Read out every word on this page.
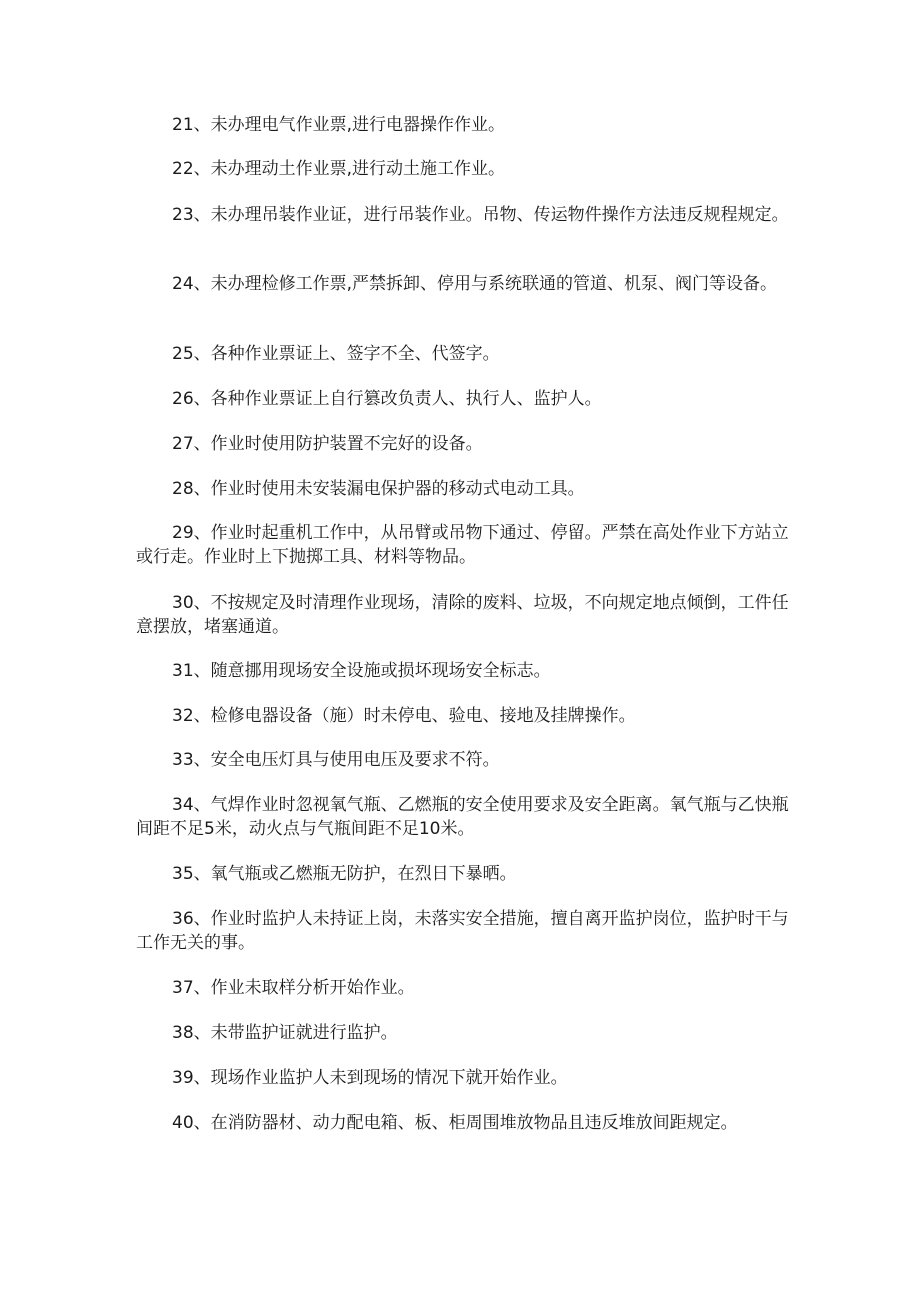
21、未办理电气作业票,进行电器操作作业。

22、未办理动土作业票,进行动土施工作业。

23、未办理吊装作业证，进行吊装作业。吊物、传运物件操作方法违反规程规定。

24、未办理检修工作票,严禁拆卸、停用与系统联通的管道、机泵、阀门等设备。

25、各种作业票证上、签字不全、代签字。

26、各种作业票证上自行篡改负责人、执行人、监护人。

27、作业时使用防护装置不完好的设备。

28、作业时使用未安装漏电保护器的移动式电动工具。

29、作业时起重机工作中，从吊臂或吊物下通过、停留。严禁在高处作业下方站立或行走。作业时上下抛掷工具、材料等物品。

30、不按规定及时清理作业现场，清除的废料、垃圾，不向规定地点倾倒，工件任意摆放，堵塞通道。

31、随意挪用现场安全设施或损坏现场安全标志。

32、检修电器设备（施）时未停电、验电、接地及挂牌操作。

33、安全电压灯具与使用电压及要求不符。

34、气焊作业时忽视氧气瓶、乙燃瓶的安全使用要求及安全距离。氧气瓶与乙快瓶间距不足5米，动火点与气瓶间距不足10米。

35、氧气瓶或乙燃瓶无防护，在烈日下暴晒。

36、作业时监护人未持证上岗，未落实安全措施，擅自离开监护岗位，监护时干与工作无关的事。

37、作业未取样分析开始作业。

38、未带监护证就进行监护。

39、现场作业监护人未到现场的情况下就开始作业。

40、在消防器材、动力配电箱、板、柜周围堆放物品且违反堆放间距规定。
